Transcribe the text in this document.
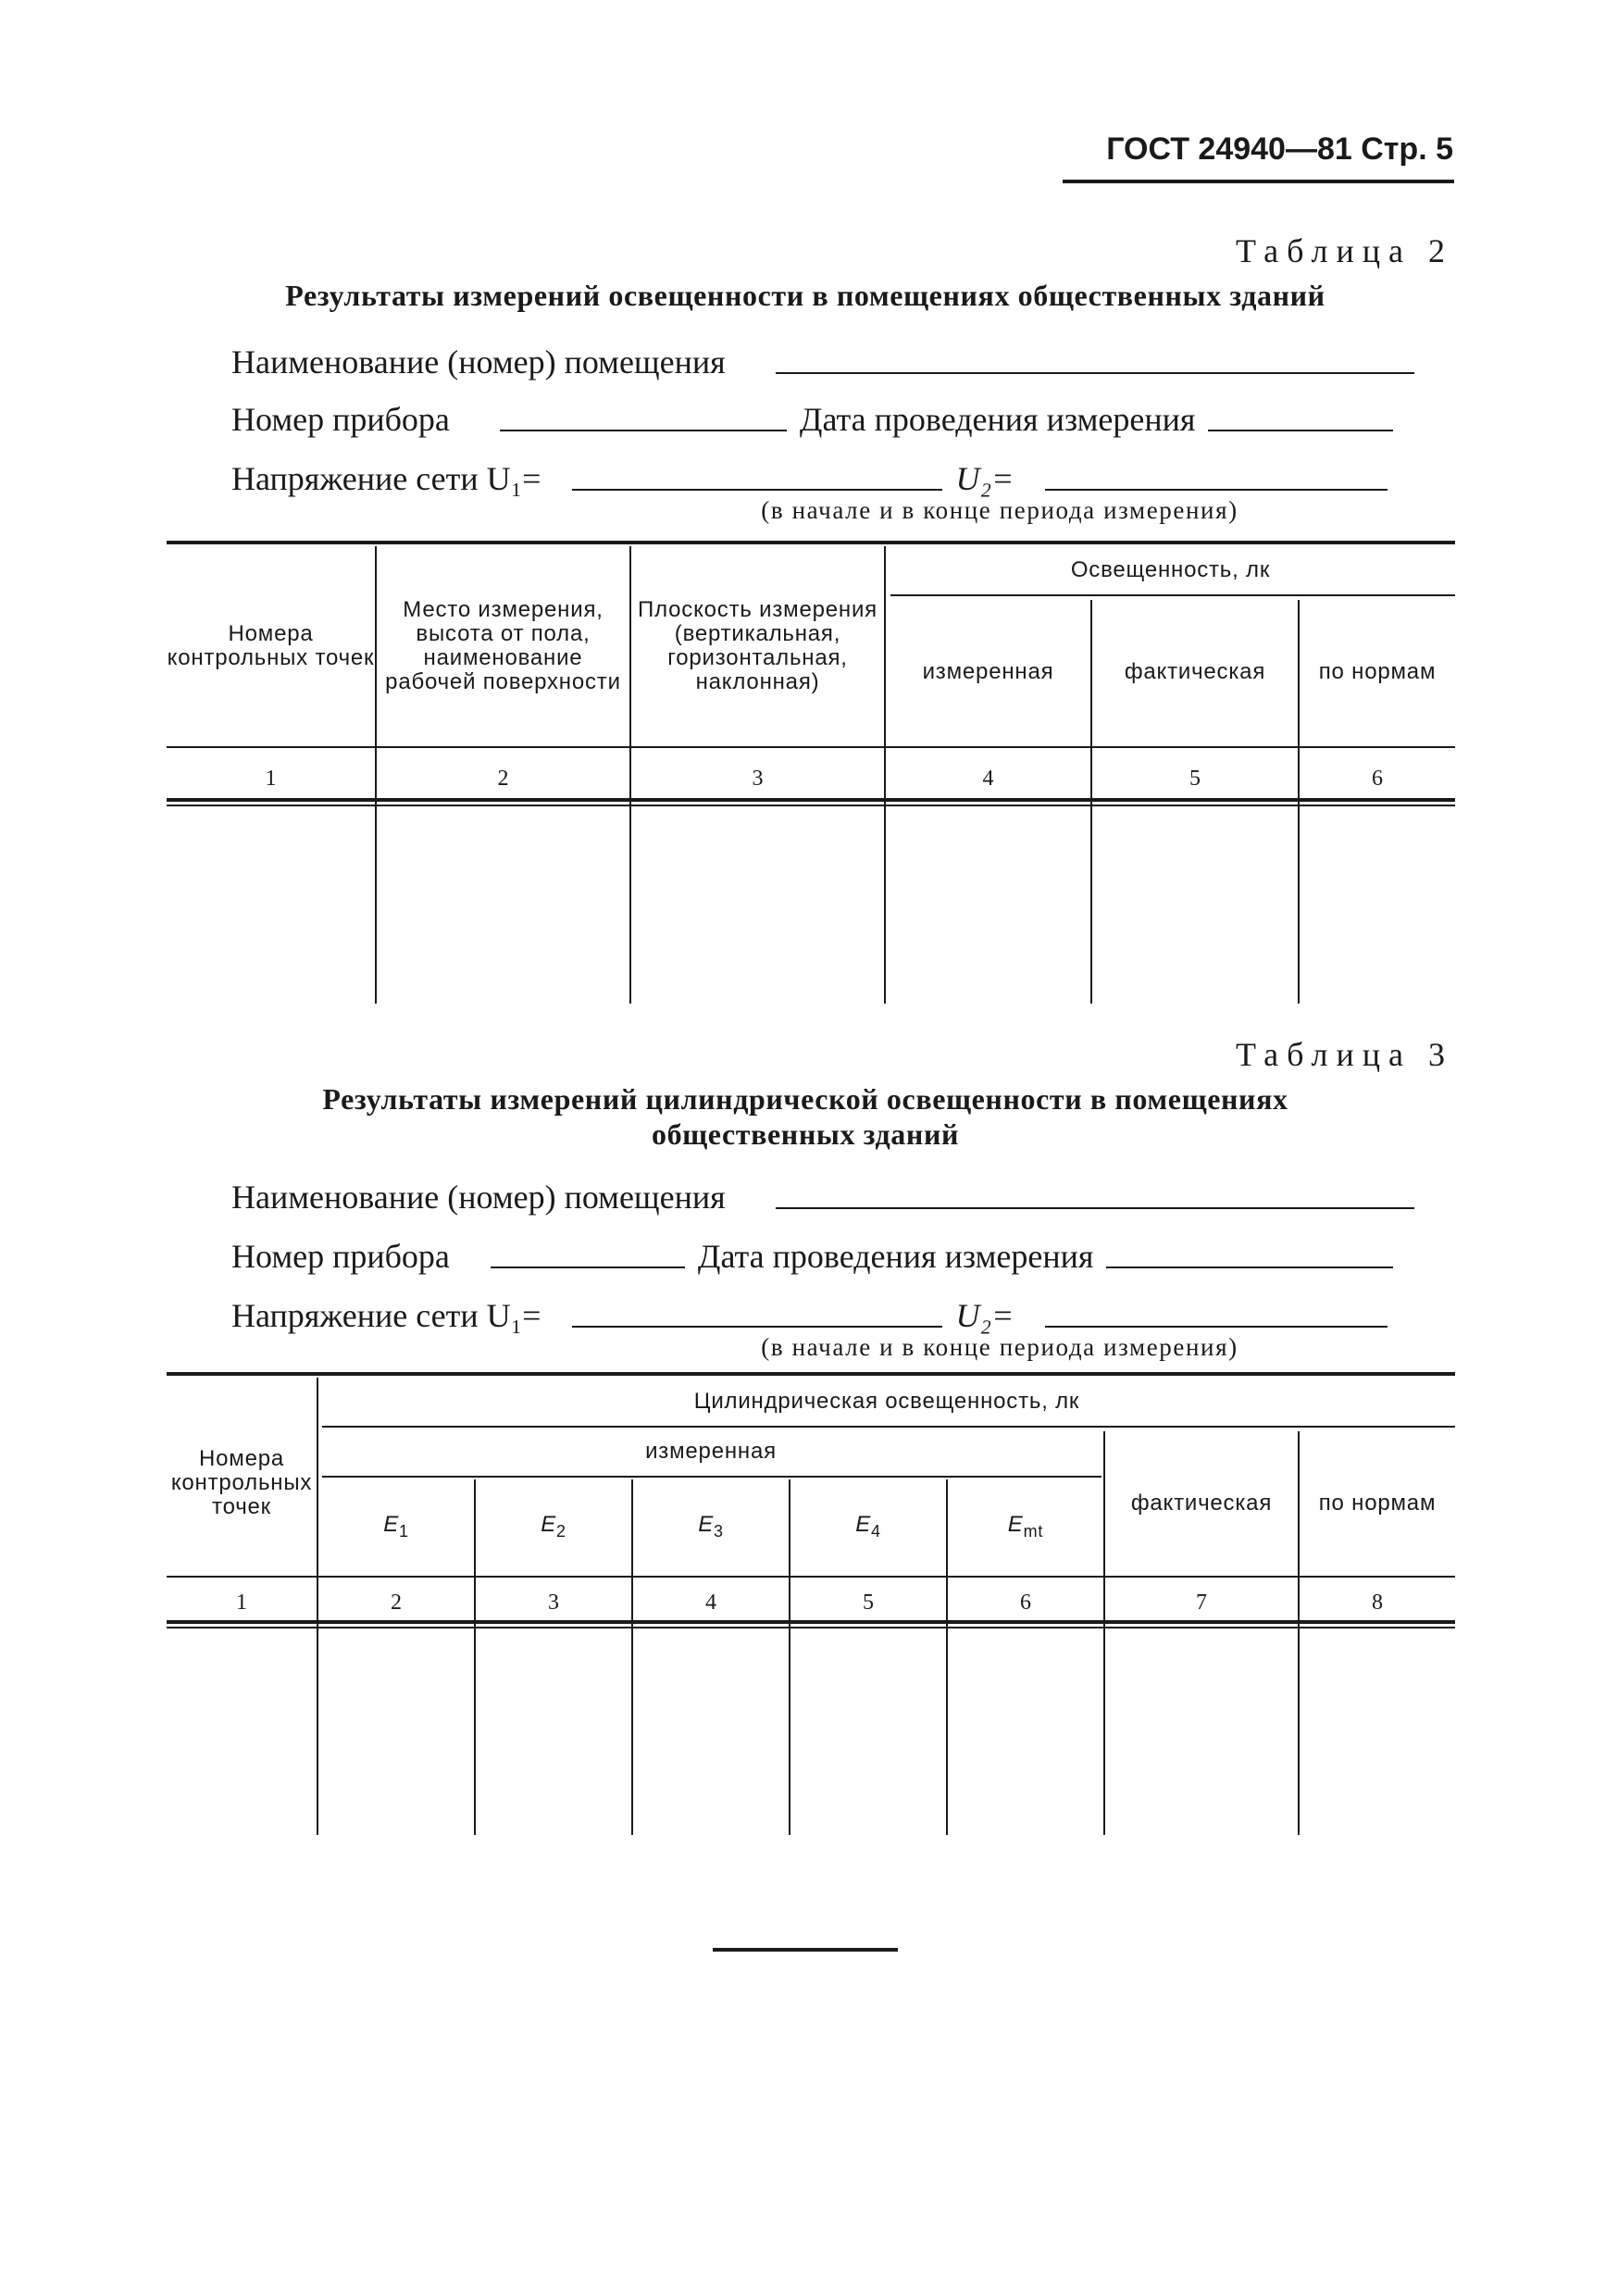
ГОСТ 24940—81 Стр. 5
Таблица 2
Результаты измерений освещенности в помещениях общественных зданий
Наименование (номер) помещения
Номер прибора	Дата проведения измерения
Напряжение сети U₁=	U₂=
(в начале и в конце периода измерения)
Номера контрольных точек
Место измерения, высота от пола, наименование рабочей поверхности
Плоскость измерения (вертикальная, горизонтальная, наклонная)
Освещенность, лк
измеренная	фактическая	по нормам
1	2	3	4	5	6
Таблица 3
Результаты измерений цилиндрической освещенности в помещениях
общественных зданий
Наименование (номер) помещения
Номер прибора	Дата проведения измерения
Напряжение сети U₁=	U₂=
(в начале и в конце периода измерения)
Номера контрольных точек
Цилиндрическая освещенность, лк
измеренная
$E_1$	$E_2$	$E_3$	$E_4$	$E_{mt}$
фактическая	по нормам
1	2	3	4	5	6	7	8
